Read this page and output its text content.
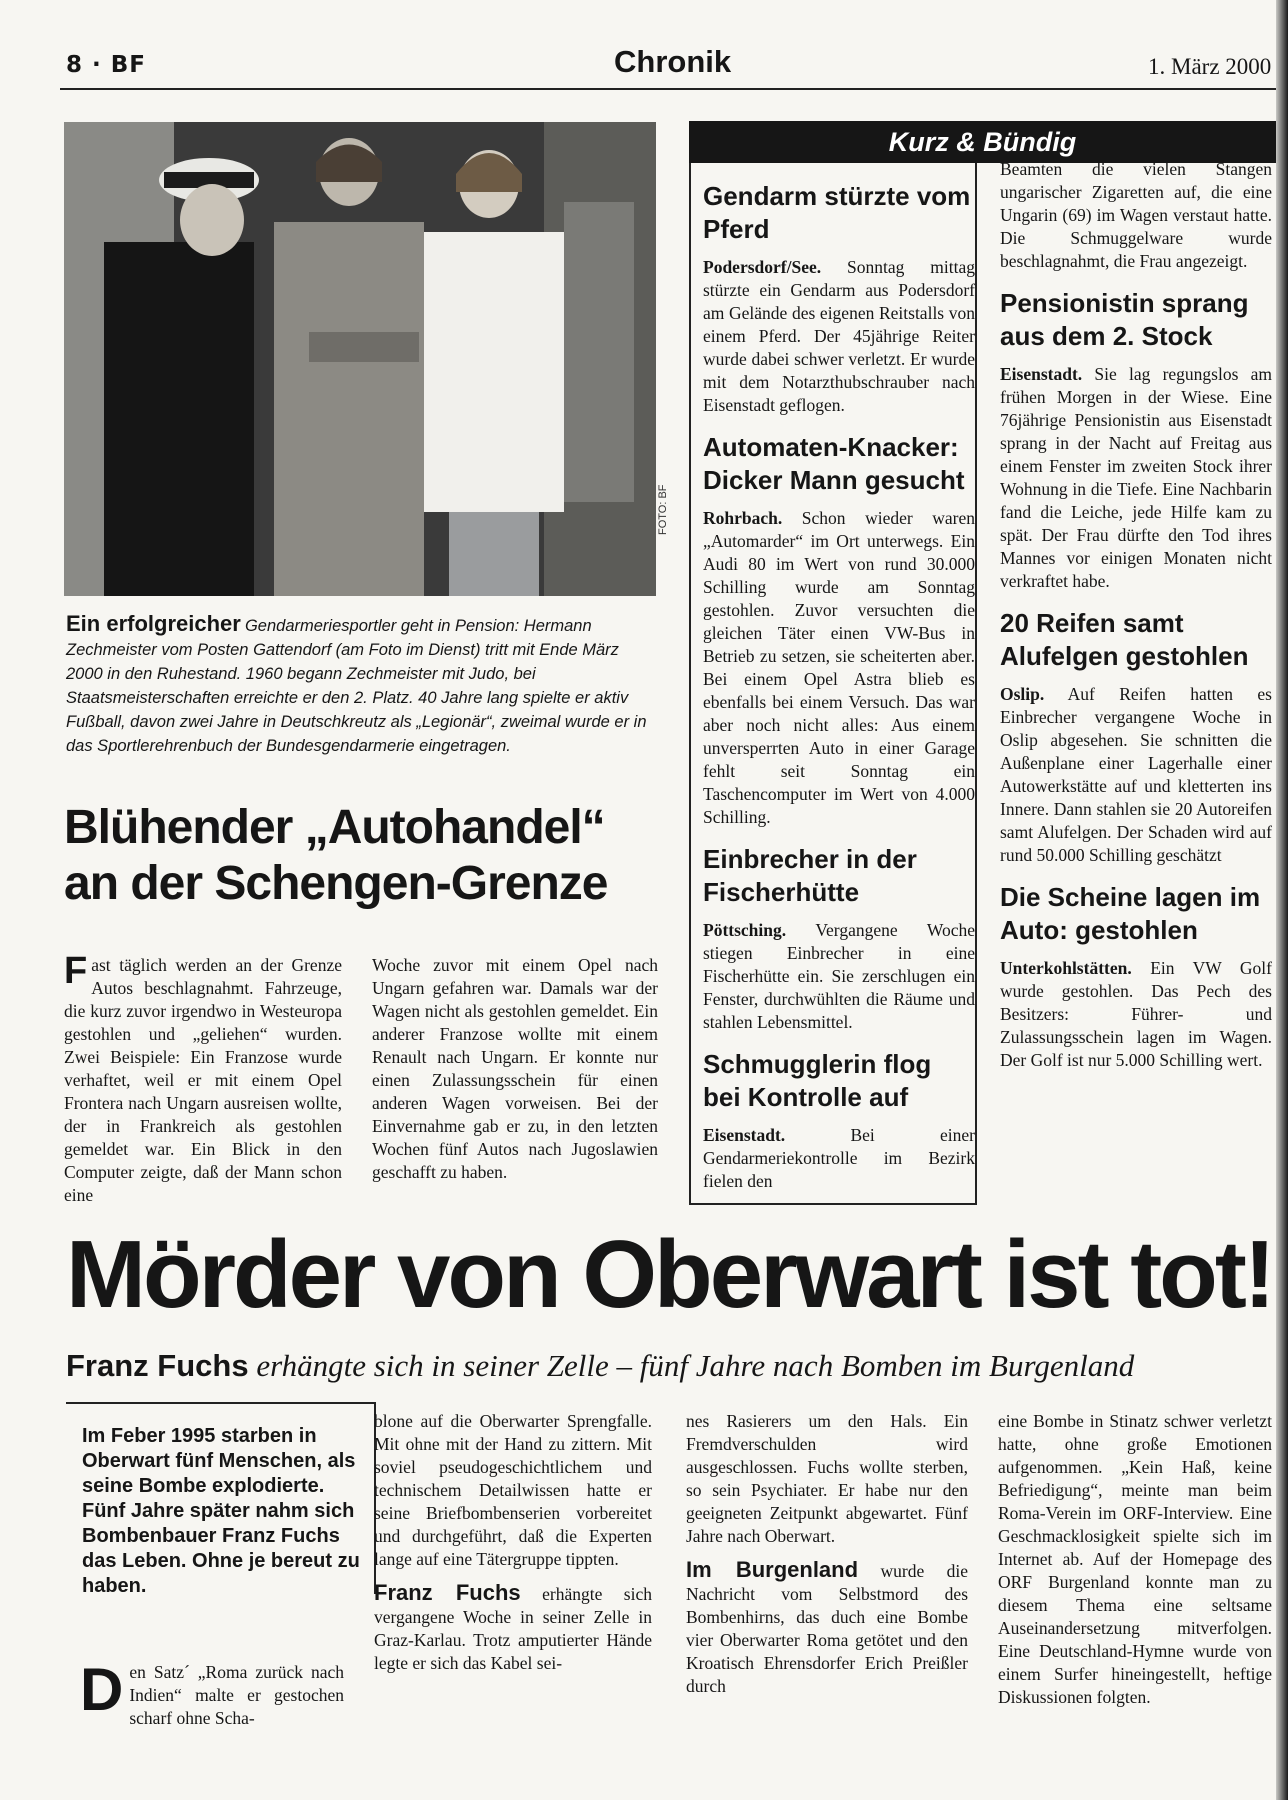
8 · BF	Chronik	1. März 2000
FOTO: BF
Ein erfolgreicher Gendarmeriesportler geht in Pension: Hermann Zechmeister vom Posten Gattendorf (am Foto im Dienst) tritt mit Ende März 2000 in den Ruhestand. 1960 begann Zechmeister mit Judo, bei Staatsmeisterschaften erreichte er den 2. Platz. 40 Jahre lang spielte er aktiv Fußball, davon zwei Jahre in Deutschkreutz als „Legionär“, zweimal wurde er in das Sportlerehrenbuch der Bundesgendarmerie eingetragen.
Blühender „Autohandel“ an der Schengen-Grenze
F ast täglich werden an der Grenze Autos beschlagnahmt. Fahrzeuge, die kurz zuvor irgendwo in Westeuropa gestohlen und „geliehen“ wurden. Zwei Beispiele: Ein Franzose wurde verhaftet, weil er mit einem Opel Frontera nach Ungarn ausreisen wollte, der in Frankreich als gestohlen gemeldet war. Ein Blick in den Computer zeigte, daß der Mann schon eine
Woche zuvor mit einem Opel nach Ungarn gefahren war. Damals war der Wagen nicht als gestohlen gemeldet. Ein anderer Franzose wollte mit einem Renault nach Ungarn. Er konnte nur einen Zulassungsschein für einen anderen Wagen vorweisen. Bei der Einvernahme gab er zu, in den letzten Wochen fünf Autos nach Jugoslawien geschafft zu haben.
Kurz & Bündig
Gendarm stürzte vom Pferd

Podersdorf/See. Sonntag mittag stürzte ein Gendarm aus Podersdorf am Gelände des eigenen Reitstalls von einem Pferd. Der 45jährige Reiter wurde dabei schwer verletzt. Er wurde mit dem Notarzthubschrauber nach Eisenstadt geflogen.

Automaten-Knacker: Dicker Mann gesucht

Rohrbach. Schon wieder waren „Automarder“ im Ort unterwegs. Ein Audi 80 im Wert von rund 30.000 Schilling wurde am Sonntag gestohlen. Zuvor versuchten die gleichen Täter einen VW-Bus in Betrieb zu setzen, sie scheiterten aber. Bei einem Opel Astra blieb es ebenfalls bei einem Versuch. Das war aber noch nicht alles: Aus einem unversperrten Auto in einer Garage fehlt seit Sonntag ein Taschencomputer im Wert von 4.000 Schilling.

Einbrecher in der Fischerhütte

Pöttsching. Vergangene Woche stiegen Einbrecher in eine Fischerhütte ein. Sie zerschlugen ein Fenster, durchwühlten die Räume und stahlen Lebensmittel.

Schmugglerin flog bei Kontrolle auf

Eisenstadt.	Bei einer Gendarmeriekontrolle im Bezirk fielen den

Beamten die vielen Stangen ungarischer Zigaretten auf, die eine Ungarin (69) im Wagen verstaut hatte. Die Schmuggelware wurde beschlagnahmt, die Frau angezeigt.

Pensionistin sprang aus dem 2. Stock

Eisenstadt. Sie lag regungslos am frühen Morgen in der Wiese. Eine 76jährige Pensionistin aus Eisenstadt sprang in der Nacht auf Freitag aus einem Fenster im zweiten Stock ihrer Wohnung in die Tiefe. Eine Nachbarin fand die Leiche, jede Hilfe kam zu spät. Der Frau dürfte den Tod ihres Mannes vor einigen Monaten nicht verkraftet habe.

20 Reifen samt Alufelgen gestohlen

Oslip. Auf Reifen hatten es Einbrecher vergangene Woche in Oslip abgesehen. Sie schnitten die Außenplane einer Lagerhalle einer Autowerkstätte auf und kletterten ins Innere. Dann stahlen sie 20 Autoreifen samt Alufelgen. Der Schaden wird auf rund 50.000 Schilling geschätzt

Die Scheine lagen im Auto: gestohlen

Unterkohlstätten. Ein VW Golf wurde gestohlen. Das Pech des Besitzers: Führer- und Zulassungsschein lagen im Wagen. Der Golf ist nur 5.000 Schilling wert.

Mörder von Oberwart ist tot!
Franz Fuchs erhängte sich in seiner Zelle – fünf Jahre nach Bomben im Burgenland
Im Feber 1995 starben in Oberwart fünf Menschen, als seine Bombe explodierte. Fünf Jahre später nahm sich Bombenbauer Franz Fuchs das Leben. Ohne je bereut zu haben.
D en Satz´ „Roma zurück nach Indien“ malte er gestochen scharf ohne Scha-
blone auf die Oberwarter Sprengfalle. Mit ohne mit der Hand zu zittern. Mit soviel pseudogeschichtlichem und technischem Detailwissen hatte er seine Briefbombenserien vorbereitet und durchgeführt, daß die Experten lange auf eine Tätergruppe tippten.
Franz Fuchs erhängte sich vergangene Woche in seiner Zelle in Graz-Karlau. Trotz amputierter Hände legte er sich das Kabel sei-
nes Rasierers um den Hals. Ein Fremdverschulden wird ausgeschlossen. Fuchs wollte sterben, so sein Psychiater. Er habe nur den geeigneten Zeitpunkt abgewartet. Fünf Jahre nach Oberwart.
Im Burgenland wurde die Nachricht vom Selbstmord des Bombenhirns, das duch eine Bombe vier Oberwarter Roma getötet und den Kroatisch Ehrensdorfer Erich Preißler durch
eine Bombe in Stinatz schwer verletzt hatte, ohne große Emotionen aufgenommen. „Kein Haß, keine Befriedigung“, meinte man beim Roma-Verein im ORF-Interview. Eine Geschmacklosigkeit spielte sich im Internet ab. Auf der Homepage des ORF Burgenland konnte man zu diesem Thema eine seltsame Auseinandersetzung mitverfolgen. Eine Deutschland-Hymne wurde von einem Surfer hineingestellt, heftige Diskussionen folgten.
